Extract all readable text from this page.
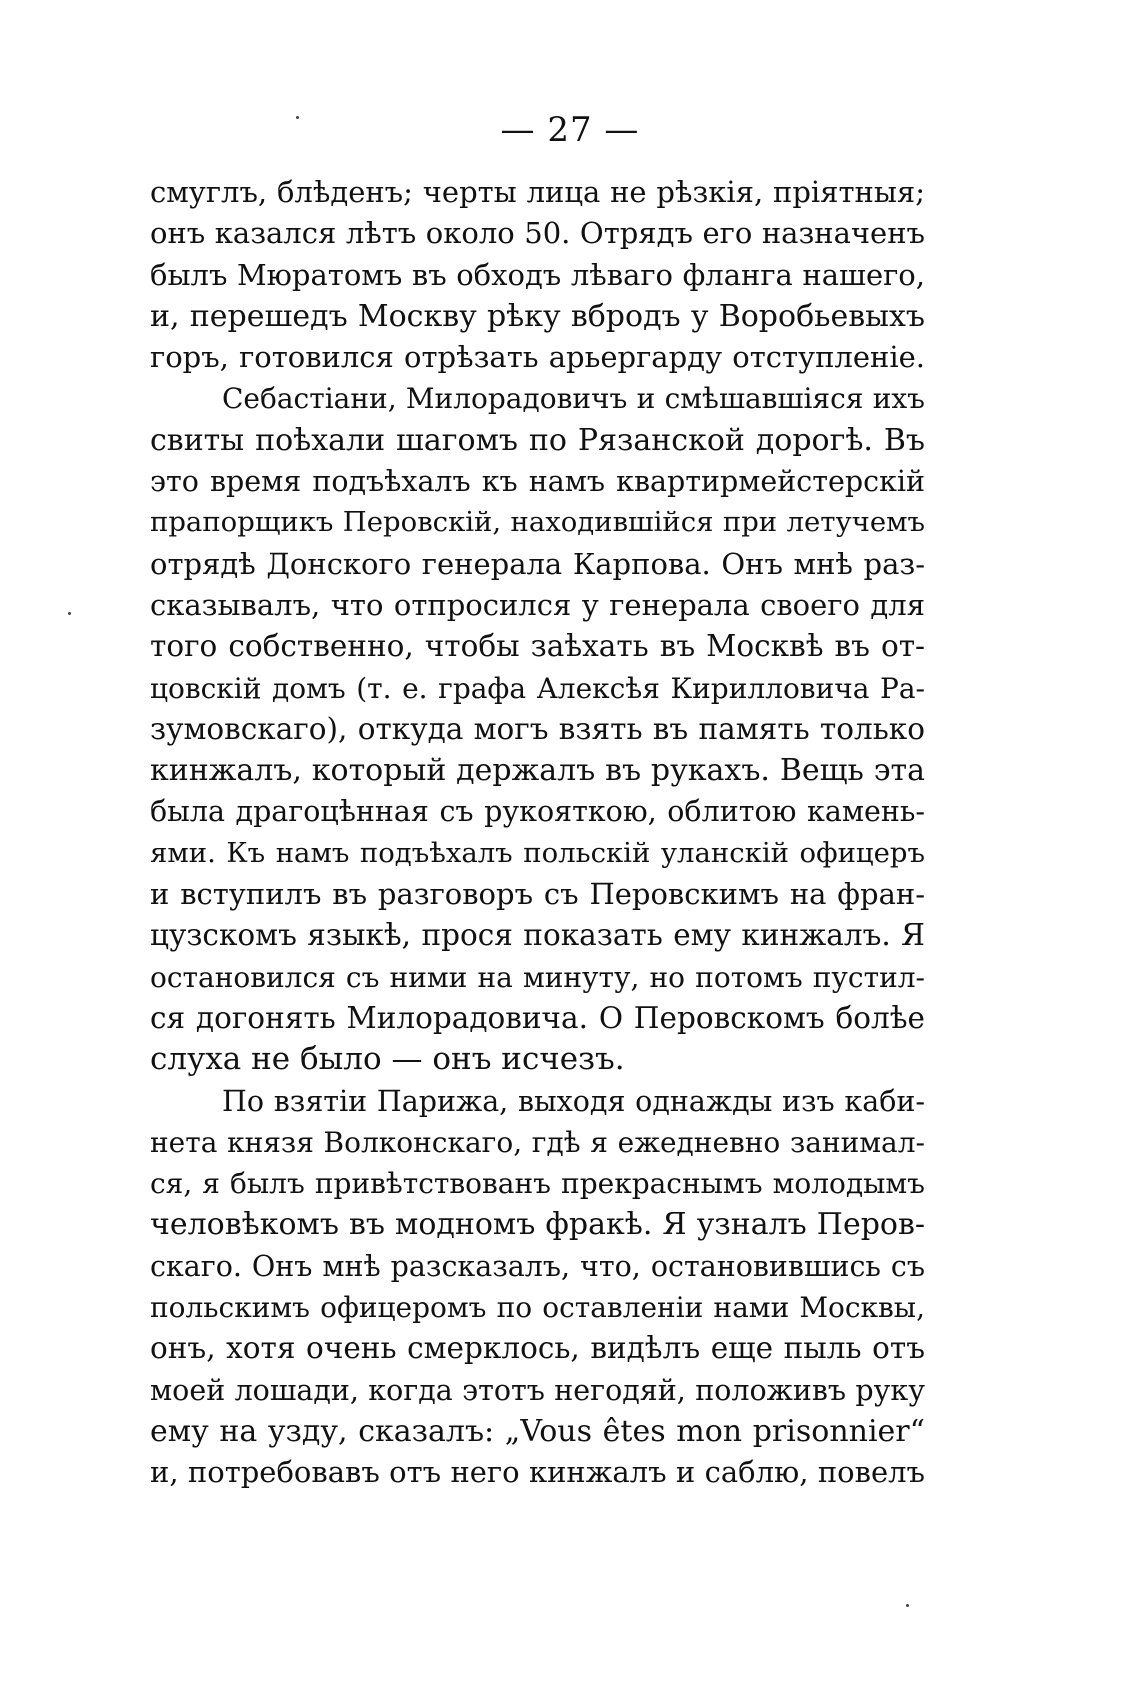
— 27 —
смуглъ, блѣденъ; черты лица не рѣзкія, пріятныя;
онъ казался лѣтъ около 50. Отрядъ его назначенъ
былъ Мюратомъ въ обходъ лѣваго фланга нашего,
и, перешедъ Москву рѣку вбродъ у Воробьевыхъ
горъ, готовился отрѣзать арьергарду отступленіе.
Себастіани, Милорадовичъ и смѣшавшіяся ихъ
свиты поѣхали шагомъ по Рязанской дорогѣ. Въ
это время подъѣхалъ къ намъ квартирмейстерскій
прапорщикъ Перовскій, находившійся при летучемъ
отрядѣ Донского генерала Карпова. Онъ мнѣ раз-
сказывалъ, что отпросился у генерала своего для
того собственно, чтобы заѣхать въ Москвѣ въ от-
цовскій домъ (т. е. графа Алексѣя Кирилловича Ра-
зумовскаго), откуда могъ взять въ память только
кинжалъ, который держалъ въ рукахъ. Вещь эта
была драгоцѣнная съ рукояткою, облитою камень-
ями. Къ намъ подъѣхалъ польскій уланскій офицеръ
и вступилъ въ разговоръ съ Перовскимъ на фран-
цузскомъ языкѣ, прося показать ему кинжалъ. Я
остановился съ ними на минуту, но потомъ пустил-
ся догонять Милорадовича. О Перовскомъ болѣе
слуха не было — онъ исчезъ.
По взятіи Парижа, выходя однажды изъ каби-
нета князя Волконскаго, гдѣ я ежедневно занимал-
ся, я былъ привѣтствованъ прекраснымъ молодымъ
человѣкомъ въ модномъ фракѣ. Я узналъ Перов-
скаго. Онъ мнѣ разсказалъ, что, остановившись съ
польскимъ офицеромъ по оставленіи нами Москвы,
онъ, хотя очень смерклось, видѣлъ еще пыль отъ
моей лошади, когда этотъ негодяй, положивъ руку
ему на узду, сказалъ: „Vous êtes mon prisonnier“
и, потребовавъ отъ него кинжалъ и саблю, повелъ
